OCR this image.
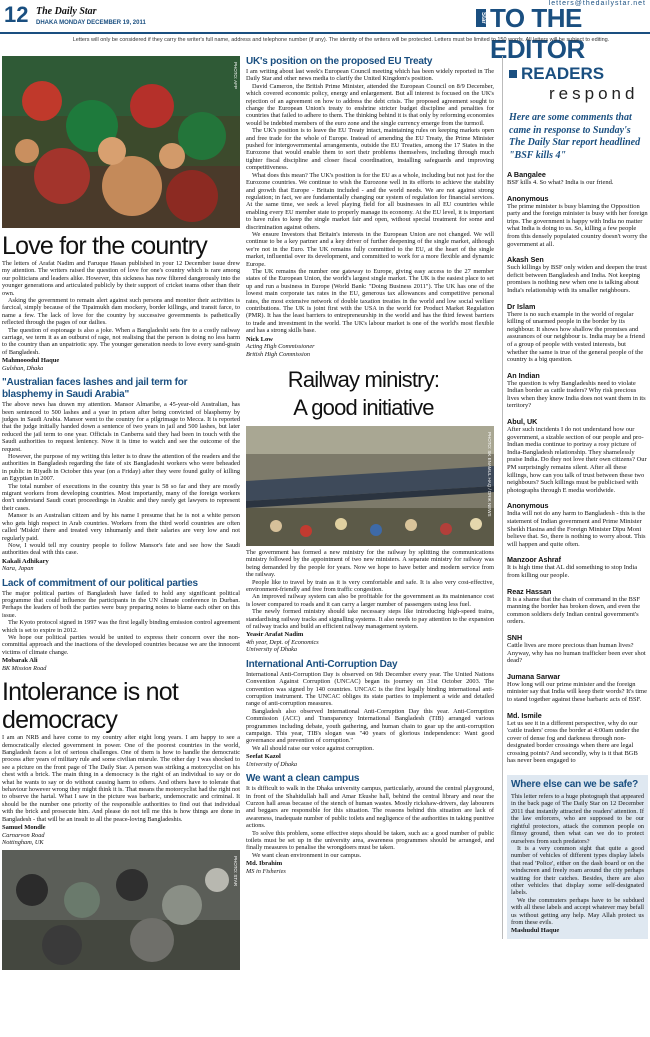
12 The Daily Star
DHAKA MONDAY DECEMBER 19, 2011	Star TO THE EDITOR
letters@thedailystar.net
Letters will only be considered if they carry the writer's full name, address and telephone number (if any). The identity of the writers will be protected. Letters must be limited to 150 words. All letters will be subject to editing.
PHOTO: AFP
Love for the country

The letters of Arafat Nadim and Faruque Hasan published in your 12 December issue drew my attention. The writers raised the question of love for one's country which is rare among our politicians and leaders alike. However, this sickness has now filtered dangerously into the younger generations and articulated publicly by their support of cricket teams other than their own.

Asking the government to remain alert against such persons and monitor their activities is farcical, simply because of the Tipaimukh dam mockery, border killings, and transit farce, to name a few. The lack of love for the country by successive governments is pathetically reflected through the pages of our dailies.

The question of espionage is also a joke. When a Bangladeshi sets fire to a costly railway carriage, we term it as an outburst of rage, not realising that the person is doing no less harm to the country than an unpatriotic spy. The younger generation needs to love every sand-grain of Bangladesh.

Mahmooodul Haque
Gulshan, Dhaka
"Australian faces lashes and jail term for blasphemy in Saudi Arabia"

The above news has drawn my attention. Mansor Almaribe, a 45-year-old Australian, has been sentenced to 500 lashes and a year in prison after being convicted of blasphemy by judges in Saudi Arabia. Mansor went to the country for a pilgrimage to Mecca. It is reported that the judge initially handed down a sentence of two years in jail and 500 lashes, but later reduced the jail term to one year. Officials in Canberra said they had been in touch with the Saudi authorities to request leniency. Now it is time to watch and see the outcome of the request.

However, the purpose of my writing this letter is to draw the attention of the readers and the authorities in Bangladesh regarding the fate of six Bangladeshi workers who were beheaded in public in Riyadh in October this year (on a Friday) after they were found guilty of killing an Egyptian in 2007.

The total number of executions in the country this year is 58 so far and they are mostly migrant workers from developing countries. Most importantly, many of the foreign workers don't understand Saudi court proceedings in Arabic and they rarely get lawyers to represent their cases.

Mansor is an Australian citizen and by his name I presume that he is not a white person who gets high respect in Arab countries. Workers from the third world countries are often called 'Miskin' there and treated very inhumanly and their salaries are very low and not regularly paid.

Now, I would tell my country people to follow Mansor's fate and see how the Saudi authorities deal with this case.

Kakali Adhikary
Nara, Japan
Lack of commitment of our political parties

The major political parties of Bangladesh have failed to hold any significant political programme that could influence the participants in the UN climate conference in Durban. Perhaps the leaders of both the parties were busy preparing notes to blame each other on this issue.

The Kyoto protocol signed in 1997 was the first legally binding emission control agreement which is set to expire in 2012.

We hope our political parties would be united to express their concern over the non-committal approach and the inactions of the developed countries because we are the innocent victims of climate change.

Mobarak Ali
BK Mission Road
Intolerance is not democracy

I am an NRB and have come to my country after eight long years. I am happy to see a democratically elected government in power. One of the poorest countries in the world, Bangladesh faces a lot of serious challenges. One of them is how to handle the democratic process after years of military rule and some civilian misrule. The other day I was shocked to see a picture on the front page of The Daily Star. A person was striking a motorcyclist on his chest with a brick. The main thing in a democracy is the right of an individual to say or do what he wants to say or do without causing harm to others. And others have to tolerate that behaviour however wrong they might think it is. That means the motorcyclist had the right not to observe the hartal. What I saw in the picture was barbaric, undemocratic and criminal. It should be the number one priority of the responsible authorities to find out that individual with the brick and prosecute him. And please do not tell me this is how things are done in Bangladesh - that will be an insult to all the peace-loving Bangladeshis.

Samuel Mondle
Carnarvon Road
Nottingham, UK
PHOTO: STAR
UK's position on the proposed EU Treaty

I am writing about last week's European Council meeting which has been widely reported in The Daily Star and other news media to clarify the United Kingdom's position.

David Cameron, the British Prime Minister, attended the European Council on 8/9 December, which covered economic policy, energy and enlargement. But all interest is focused on the UK's rejection of an agreement on how to address the debt crisis. The proposed agreement sought to change the European Union's treaty to enshrine stricter budget discipline and penalties for countries that failed to adhere to them. The thinking behind it is that only by reforming economies would be indebted members of the euro zone and the single currency emerge from the turmoil.

The UK's position is to leave the EU Treaty intact, maintaining rules on keeping markets open and free trade for the whole of Europe. Instead of amending the EU Treaty, the Prime Minister pushed for intergovernmental arrangements, outside the EU Treaties, among the 17 States in the Eurozone that would enable them to sort their problems themselves, including through much tighter fiscal discipline and closer fiscal coordination, installing safeguards and improving competitiveness.

What does this mean? The UK's position is for the EU as a whole, including but not just for the Eurozone countries. We continue to wish the Eurozone well in its efforts to achieve the stability and growth that Europe - Britain included - and the world needs. We are not against strong regulation; in fact, we are fundamentally changing our system of regulation for financial services. At the same time, we seek a level playing field for all businesses in all EU countries while enabling every EU member state to properly manage its economy. At the EU level, it is important to have rules to keep the single market fair and open, without special treatment for some and discrimination against others.

We ensure Investors that Britain's interests in the European Union are not changed. We will continue to be a key partner and a key driver of further deepening of the single market, although we're not in the Euro. The UK remains fully committed to the EU, at the heart of the single market, influential over its development, and committed to work for a more flexible and dynamic Europe.

The UK remains the number one gateway to Europe, giving easy access to the 27 member states of the European Union, the world's largest single market. The UK is the easiest place to set up and run a business in Europe (World Bank: "Doing Business 2011"). The UK has one of the lowest main corporate tax rates in the EU, generous tax allowances and competitive personal rates, the most extensive network of double taxation treaties in the world and low social welfare contributions. The UK is joint first with the USA in the world for Product Market Regulation (PMR). It has the least barriers to entrepreneurship in the world and has the third fewest barriers to trade and investment in the world. The UK's labour market is one of the world's most flexible and has a strong skills base.

Nick Low
Acting High Commissioner
British High Commission
Railway ministry:
A good initiative
PHOTO: SK ENAMUL HAQ / DRIK NEWS

The government has formed a new ministry for the railway by splitting the communications ministry followed by the appointment of two new ministers. A separate ministry for railway was being demanded by the people for years. Now we hope to have better and modern service from the railway.

People like to travel by train as it is very comfortable and safe. It is also very cost-effective, environment-friendly and free from traffic congestion.

An improved railway system can also be profitable for the government as its maintenance cost is lower compared to roads and it can carry a larger number of passengers using less fuel.

The newly formed ministry should take necessary steps like introducing high-speed trains, standardising railway tracks and signalling systems. It also needs to pay attention to the expansion of railway tracks and build an efficient railway management system.

Yeasir Arafat Nadim
4th year, Dept. of Economics
University of Dhaka
International Anti-Corruption Day

International Anti-Corruption Day is observed on 9th December every year. The United Nations Convention Against Corruption (UNCAC) began its journey on 31st October 2003. The convention was signed by 140 countries. UNCAC is the first legally binding international anti-corruption instrument. The UNCAC obliges its state parties to implement a wide and detailed range of anti-corruption measures.

Bangladesh also observed International Anti-Corruption Day this year. Anti-Corruption Commission (ACC) and Transparency International Bangladesh (TIB) arranged various programmes including debate, youth gathering, and human chain to gear up the anti-corruption campaign. This year, TIB's slogan was "40 years of glorious independence: Want good governance and prevention of corruption."

We all should raise our voice against corruption.

Seefat Kazol
University of Dhaka
We want a clean campus

It is difficult to walk in the Dhaka university campus, particularly, around the central playground, in front of the Shahidullah hall and Amar Ekushe hall, behind the central library and near the Curzon hall areas because of the stench of human wastes. Mostly rickshaw-drivers, day labourers and beggars are responsible for this situation. The reasons behind this situation are lack of awareness, inadequate number of public toilets and negligence of the authorities in taking punitive actions.

To solve this problem, some effective steps should be taken, such as: a good number of public toilets must be set up in the university area, awareness programmes should be arranged, and finally measures to penalise the wrongdoers must be taken.

We want clean environment in our campus.

Md. Ibrahim
MS in Fisheries
READERS
respond
Here are some comments that came in response to Sunday's The Daily Star report headlined "BSF kills 4"
A Bangalee
BSF kills 4. So what? India is our friend.
Anonymous
The prime minister is busy blaming the Opposition party and the foreign minister is busy with her foreign trips. The government is happy with India no matter what India is doing to us. So, killing a few people from this densely populated country doesn't worry the government at all.
Akash Sen
Such killings by BSF only widen and deepen the trust deficit between Bangladesh and India. Not keeping promises is nothing new when one is talking about India's relationship with its smaller neighbours.
Dr Islam
There is no such example in the world of regular killing of unarmed people in the border by its neighbour. It shows how shallow the promises and assurances of our neighbour is. India may be a friend of a group of people with vested interests, but whether the same is true of the general people of the country is a big question.
An Indian
The question is why Bangladeshis need to violate Indian border as cattle traders? Why risk precious lives when they know India does not want them in its territory?
Abul, UK
After such incidents I do not understand how our government, a sizable section of our people and pro-Indian media continue to portray a rosy picture of India-Bangladesh relationship. They shamelessly praise India. Do they not love their own citizens? Our PM surprisingly remains silent. After all these killings, how can you talk of trust between these two neighbours? Such killings must be publicised with photographs through E media worldwide.
Anonymous
India will not do any harm to Bangladesh - this is the statement of Indian government and Prime Minister Sheikh Hasina and the Foreign Minister Dipu Moni believe that. So, there is nothing to worry about. This will happen and quite often.
Manzoor Ashraf
It is high time that AL did something to stop India from killing our people.
Reaz Hassan
It is a shame that the chain of command in the BSF manning the border has broken down, and even the common soldiers defy Indian central government's orders.
SNH
Cattle lives are more precious than human lives? Anyway, why has no human trafficker been ever shot dead?
Jumana Sarwar
How long will our prime minister and the foreign minister say that India will keep their words? It's time to stand together against these barbaric acts of BSF.
Md. Ismile
Let us see it in a different perspective, why do our 'cattle traders' cross the border at 4:00am under the cover of dense fog and darkness through non-designated border crossings when there are legal crossing points? And secondly, why is it that BGB has never been engaged to
Where else can we be safe?

This letter refers to a huge photograph that appeared in the back page of The Daily Star on 12 December 2011 that instantly attracted the readers' attention. If the law enforcers, who are supposed to be our rightful protectors, attack the common people on flimsy ground, then what can we do to protect ourselves from such predators?

It is a very common sight that quite a good number of vehicles of different types display labels that read 'Police', either on the dash board or on the windscreen and freely roam around the city perhaps waiting for their catches. Besides, there are also other vehicles that display some self-designated labels.

We the commuters perhaps have to be subdued with all these labels and accept whatever may befall us without getting any help. May Allah protect us from these evils.

Mashudul Haque
